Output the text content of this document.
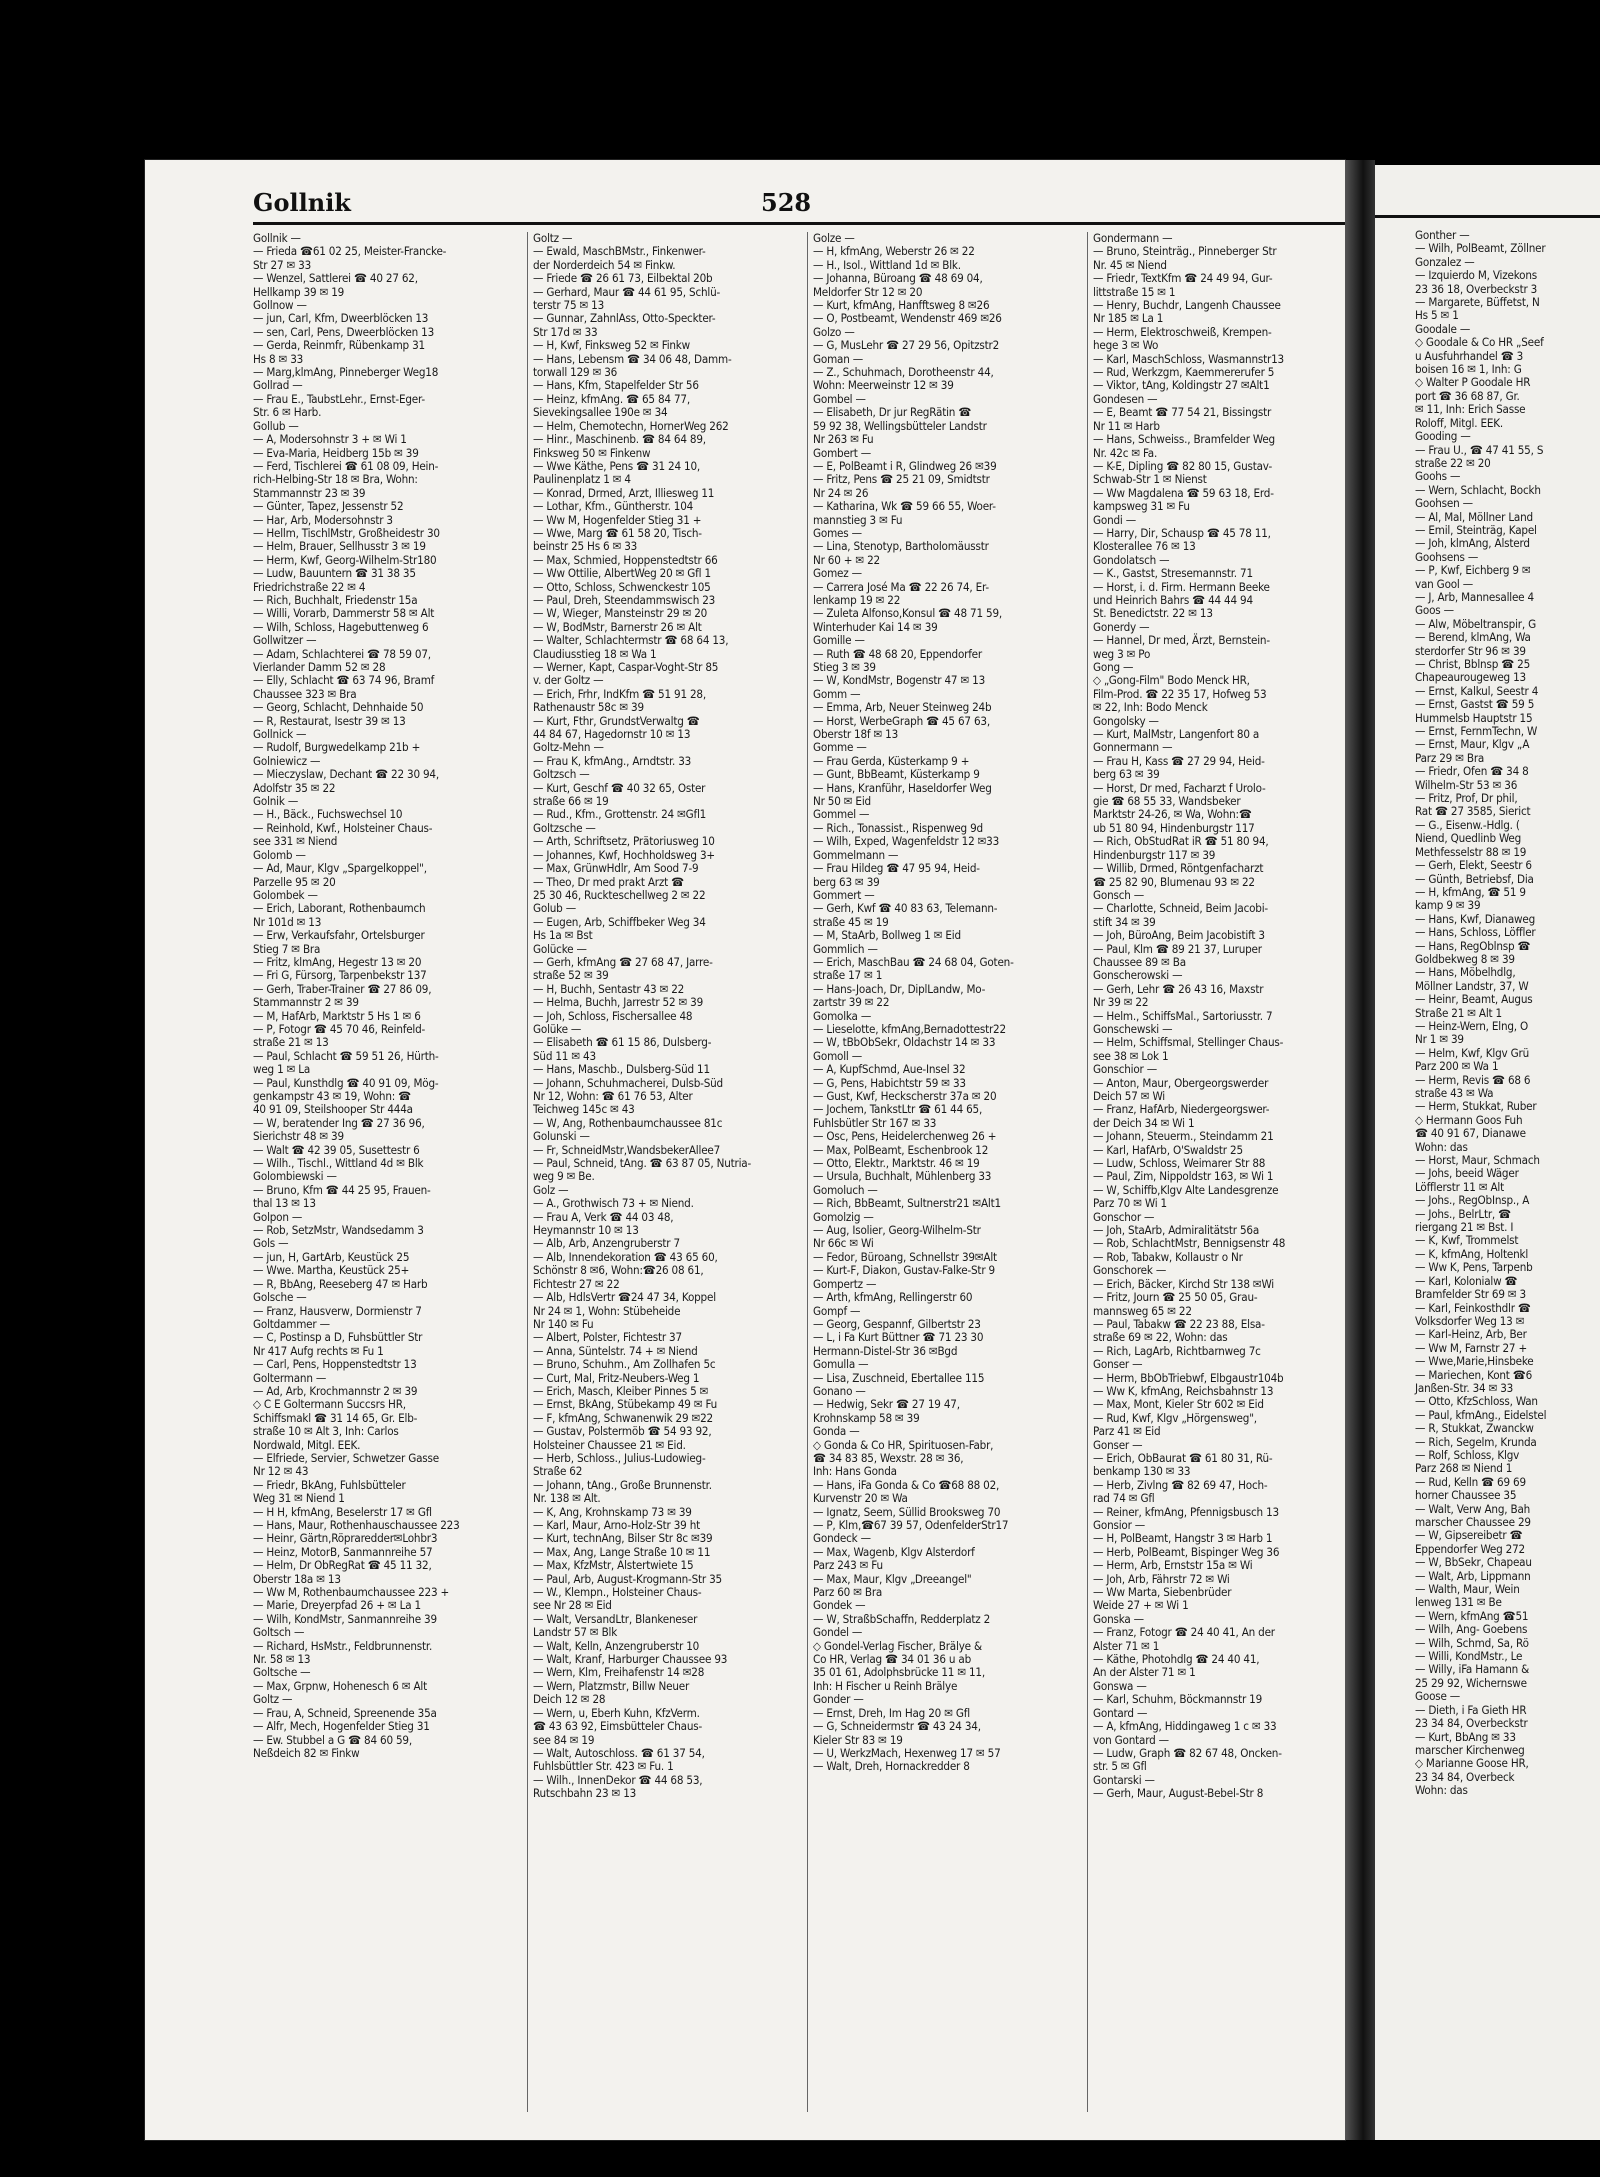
Gollnik	528
Gollnik —
— Frieda ☎61 02 25, Meister-Francke-
Str 27 ✉ 33
— Wenzel, Sattlerei ☎ 40 27 62,
Hellkamp 39 ✉ 19
Gollnow —
— jun, Carl, Kfm, Dweerblöcken 13
— sen, Carl, Pens, Dweerblöcken 13
— Gerda, Reinmfr, Rübenkamp 31
Hs 8 ✉ 33
— Marg,klmAng, Pinneberger Weg18
Gollrad —
— Frau E., TaubstLehr., Ernst-Eger-
Str. 6 ✉ Harb.
Gollub —
— A, Modersohnstr 3 + ✉ Wi 1
— Eva-Maria, Heidberg 15b ✉ 39
— Ferd, Tischlerei ☎ 61 08 09, Hein-
rich-Helbing-Str 18 ✉ Bra, Wohn:
Stammannstr 23 ✉ 39
— Günter, Tapez, Jessenstr 52
— Har, Arb, Modersohnstr 3
— Hellm, TischlMstr, Großheidestr 30
— Helm, Brauer, Sellhusstr 3 ✉ 19
— Herm, Kwf, Georg-Wilhelm-Str180
— Ludw, Bauuntern ☎ 31 38 35
Friedrichstraße 22 ✉ 4
— Rich, Buchhalt, Friedenstr 15a
— Willi, Vorarb, Dammerstr 58 ✉ Alt
— Wilh, Schloss, Hagebuttenweg 6
Gollwitzer —
— Adam, Schlachterei ☎ 78 59 07,
Vierlander Damm 52 ✉ 28
— Elly, Schlacht ☎ 63 74 96, Bramf
Chaussee 323 ✉ Bra
— Georg, Schlacht, Dehnhaide 50
— R, Restaurat, Isestr 39 ✉ 13
Gollnick —
— Rudolf, Burgwedelkamp 21b +
Golniewicz —
— Mieczyslaw, Dechant ☎ 22 30 94,
Adolfstr 35 ✉ 22
Golnik —
— H., Bäck., Fuchswechsel 10
— Reinhold, Kwf., Holsteiner Chaus-
see 331 ✉ Niend
Golomb —
— Ad, Maur, Klgv „Spargelkoppel",
Parzelle 95 ✉ 20
Golombek —
— Erich, Laborant, Rothenbaumch
Nr 101d ✉ 13
— Erw, Verkaufsfahr, Ortelsburger
Stieg 7 ✉ Bra
— Fritz, klmAng, Hegestr 13 ✉ 20
— Fri G, Fürsorg, Tarpenbekstr 137
— Gerh, Traber-Trainer ☎ 27 86 09,
Stammannstr 2 ✉ 39
— M, HafArb, Marktstr 5 Hs 1 ✉ 6
— P, Fotogr ☎ 45 70 46, Reinfeld-
straße 21 ✉ 13
— Paul, Schlacht ☎ 59 51 26, Hürth-
weg 1 ✉ La
— Paul, Kunsthdlg ☎ 40 91 09, Mög-
genkampstr 43 ✉ 19, Wohn: ☎
40 91 09, Steilshooper Str 444a
— W, beratender Ing ☎ 27 36 96,
Sierichstr 48 ✉ 39
— Walt ☎ 42 39 05, Susettestr 6
— Wilh., Tischl., Wittland 4d ✉ Blk
Golombiewski —
— Bruno, Kfm ☎ 44 25 95, Frauen-
thal 13 ✉ 13
Golpon —
— Rob, SetzMstr, Wandsedamm 3
Gols —
— jun, H, GartArb, Keustück 25
— Wwe. Martha, Keustück 25+
— R, BbAng, Reeseberg 47 ✉ Harb
Golsche —
— Franz, Hausverw, Dormienstr 7
Goltdammer —
— C, Postinsp a D, Fuhsbüttler Str
Nr 417 Aufg rechts ✉ Fu 1
— Carl, Pens, Hoppenstedtstr 13
Goltermann —
— Ad, Arb, Krochmannstr 2 ✉ 39
◇ C E Goltermann Succsrs HR,
Schiffsmakl ☎ 31 14 65, Gr. Elb-
straße 10 ✉ Alt 3, Inh: Carlos
Nordwald, Mitgl. EEK.
— Elfriede, Servier, Schwetzer Gasse
Nr 12 ✉ 43
— Friedr, BkAng, Fuhlsbütteler
Weg 31 ✉ Niend 1
— H H, kfmAng, Beselerstr 17 ✉ Gfl
— Hans, Maur, Rothenhauschaussee 223
— Heinr, Gärtn,Röpraredder✉Lohbr3
— Heinz, MotorB, Sanmannreihe 57
— Helm, Dr ObRegRat ☎ 45 11 32,
Oberstr 18a ✉ 13
— Ww M, Rothenbaumchaussee 223 +
— Marie, Dreyerpfad 26 + ✉ La 1
— Wilh, KondMstr, Sanmannreihe 39
Goltsch —
— Richard, HsMstr., Feldbrunnenstr.
Nr. 58 ✉ 13
Goltsche —
— Max, Grpnw, Hohenesch 6 ✉ Alt
Goltz —
— Frau, A, Schneid, Spreenende 35a
— Alfr, Mech, Hogenfelder Stieg 31
— Ew. Stubbel a G ☎ 84 60 59,
Neßdeich 82 ✉ Finkw
Goltz —
— Ewald, MaschBMstr., Finkenwer-
der Norderdeich 54 ✉ Finkw.
— Friede ☎ 26 61 73, Eilbektal 20b
— Gerhard, Maur ☎ 44 61 95, Schlü-
terstr 75 ✉ 13
— Gunnar, ZahnlAss, Otto-Speckter-
Str 17d ✉ 33
— H, Kwf, Finksweg 52 ✉ Finkw
— Hans, Lebensm ☎ 34 06 48, Damm-
torwall 129 ✉ 36
— Hans, Kfm, Stapelfelder Str 56
— Heinz, kfmAng. ☎ 65 84 77,
Sievekingsallee 190e ✉ 34
— Helm, Chemotechn, HornerWeg 262
— Hinr., Maschinenb. ☎ 84 64 89,
Finksweg 50 ✉ Finkenw
— Wwe Käthe, Pens ☎ 31 24 10,
Paulinenplatz 1 ✉ 4
— Konrad, Drmed, Arzt, Illiesweg 11
— Lothar, Kfm., Güntherstr. 104
— Ww M, Hogenfelder Stieg 31 +
— Wwe, Marg ☎ 61 58 20, Tisch-
beinstr 25 Hs 6 ✉ 33
— Max, Schmied, Hoppenstedtstr 66
— Ww Ottilie, AlbertWeg 20 ✉ Gfl 1
— Otto, Schloss, Schwenckestr 105
— Paul, Dreh, Steendammswisch 23
— W, Wieger, Mansteinstr 29 ✉ 20
— W, BodMstr, Barnerstr 26 ✉ Alt
— Walter, Schlachtermstr ☎ 68 64 13,
Claudiusstieg 18 ✉ Wa 1
— Werner, Kapt, Caspar-Voght-Str 85
v. der Goltz —
— Erich, Frhr, IndKfm ☎ 51 91 28,
Rathenaustr 58c ✉ 39
— Kurt, Fthr, GrundstVerwaltg ☎
44 84 67, Hagedornstr 10 ✉ 13
Goltz-Mehn —
— Frau K, kfmAng., Arndtstr. 33
Goltzsch —
— Kurt, Geschf ☎ 40 32 65, Oster
straße 66 ✉ 19
— Rud., Kfm., Grottenstr. 24 ✉Gfl1
Goltzsche —
— Arth, Schriftsetz, Prätoriusweg 10
— Johannes, Kwf, Hochholdsweg 3+
— Max, GrünwHdlr, Am Sood 7-9
— Theo, Dr med prakt Arzt ☎
25 30 46, Ruckteschellweg 2 ✉ 22
Golub —
— Eugen, Arb, Schiffbeker Weg 34
Hs 1a ✉ Bst
Golücke —
— Gerh, kfmAng ☎ 27 68 47, Jarre-
straße 52 ✉ 39
— H, Buchh, Sentastr 43 ✉ 22
— Helma, Buchh, Jarrestr 52 ✉ 39
— Joh, Schloss, Fischersallee 48
Golüke —
— Elisabeth ☎ 61 15 86, Dulsberg-
Süd 11 ✉ 43
— Hans, Maschb., Dulsberg-Süd 11
— Johann, Schuhmacherei, Dulsb-Süd
Nr 12, Wohn: ☎ 61 76 53, Alter
Teichweg 145c ✉ 43
— W, Ang, Rothenbaumchaussee 81c
Golunski —
— Fr, SchneidMstr,WandsbekerAllee7
— Paul, Schneid, tAng. ☎ 63 87 05, Nutria-
weg 9 ✉ Be.
Golz —
— A., Grothwisch 73 + ✉ Niend.
— Frau A, Verk ☎ 44 03 48,
Heymannstr 10 ✉ 13
— Alb, Arb, Anzengruberstr 7
— Alb, Innendekoration ☎ 43 65 60,
Schönstr 8 ✉6, Wohn:☎26 08 61,
Fichtestr 27 ✉ 22
— Alb, HdlsVertr ☎24 47 34, Koppel
Nr 24 ✉ 1, Wohn: Stübeheide
Nr 140 ✉ Fu
— Albert, Polster, Fichtestr 37
— Anna, Süntelstr. 74 + ✉ Niend
— Bruno, Schuhm., Am Zollhafen 5c
— Curt, Mal, Fritz-Neubers-Weg 1
— Erich, Masch, Kleiber Pinnes 5 ✉
— Ernst, BkAng, Stübekamp 49 ✉ Fu
— F, kfmAng, Schwanenwik 29 ✉22
— Gustav, Polstermöb ☎ 54 93 92,
Holsteiner Chaussee 21 ✉ Eid.
— Herb, Schloss., Julius-Ludowieg-
Straße 62
— Johann, tAng., Große Brunnenstr.
Nr. 138 ✉ Alt.
— K, Ang, Krohnskamp 73 ✉ 39
— Karl, Maur, Arno-Holz-Str 39 ht
— Kurt, technAng, Bilser Str 8c ✉39
— Max, Ang, Lange Straße 10 ✉ 11
— Max, KfzMstr, Alstertwiete 15
— Paul, Arb, August-Krogmann-Str 35
— W., Klempn., Holsteiner Chaus-
see Nr 28 ✉ Eid
— Walt, VersandLtr, Blankeneser
Landstr 57 ✉ Blk
— Walt, Kelln, Anzengruberstr 10
— Walt, Kranf, Harburger Chaussee 93
— Wern, Klm, Freihafenstr 14 ✉28
— Wern, Platzmstr, Billw Neuer
Deich 12 ✉ 28
— Wern, u, Eberh Kuhn, KfzVerm.
☎ 43 63 92, Eimsbütteler Chaus-
see 84 ✉ 19
— Walt, Autoschloss. ☎ 61 37 54,
Fuhlsbüttler Str. 423 ✉ Fu. 1
— Wilh., InnenDekor ☎ 44 68 53,
Rutschbahn 23 ✉ 13
Golze —
— H, kfmAng, Weberstr 26 ✉ 22
— H., Isol., Wittland 1d ✉ Blk.
— Johanna, Büroang ☎ 48 69 04,
Meldorfer Str 12 ✉ 20
— Kurt, kfmAng, Hanfftsweg 8 ✉26
— O, Postbeamt, Wendenstr 469 ✉26
Golzo —
— G, MusLehr ☎ 27 29 56, Opitzstr2
Goman —
— Z., Schuhmach, Dorotheenstr 44,
Wohn: Meerweinstr 12 ✉ 39
Gombel —
— Elisabeth, Dr jur RegRätin ☎
59 92 38, Wellingsbütteler Landstr
Nr 263 ✉ Fu
Gombert —
— E, PolBeamt i R, Glindweg 26 ✉39
— Fritz, Pens ☎ 25 21 09, Smidtstr
Nr 24 ✉ 26
— Katharina, Wk ☎ 59 66 55, Woer-
mannstieg 3 ✉ Fu
Gomes —
— Lina, Stenotyp, Bartholomäusstr
Nr 60 + ✉ 22
Gomez —
— Carrera José Ma ☎ 22 26 74, Er-
lenkamp 19 ✉ 22
— Zuleta Alfonso,Konsul ☎ 48 71 59,
Winterhuder Kai 14 ✉ 39
Gomille —
— Ruth ☎ 48 68 20, Eppendorfer
Stieg 3 ✉ 39
— W, KondMstr, Bogenstr 47 ✉ 13
Gomm —
— Emma, Arb, Neuer Steinweg 24b
— Horst, WerbeGraph ☎ 45 67 63,
Oberstr 18f ✉ 13
Gomme —
— Frau Gerda, Küsterkamp 9 +
— Gunt, BbBeamt, Küsterkamp 9
— Hans, Kranführ, Haseldorfer Weg
Nr 50 ✉ Eid
Gommel —
— Rich., Tonassist., Rispenweg 9d
— Wilh, Exped, Wagenfeldstr 12 ✉33
Gommelmann —
— Frau Hildeg ☎ 47 95 94, Heid-
berg 63 ✉ 39
Gommert —
— Gerh, Kwf ☎ 40 83 63, Telemann-
straße 45 ✉ 19
— M, StaArb, Bollweg 1 ✉ Eid
Gommlich —
— Erich, MaschBau ☎ 24 68 04, Goten-
straße 17 ✉ 1
— Hans-Joach, Dr, DiplLandw, Mo-
zartstr 39 ✉ 22
Gomolka —
— Lieselotte, kfmAng,Bernadottestr22
— W, tBbObSekr, Oldachstr 14 ✉ 33
Gomoll —
— A, KupfSchmd, Aue-Insel 32
— G, Pens, Habichtstr 59 ✉ 33
— Gust, Kwf, Heckscherstr 37a ✉ 20
— Jochem, TankstLtr ☎ 61 44 65,
Fuhlsbütler Str 167 ✉ 33
— Osc, Pens, Heidelerchenweg 26 +
— Max, PolBeamt, Eschenbrook 12
— Otto, Elektr., Marktstr. 46 ✉ 19
— Ursula, Buchhalt, Mühlenberg 33
Gomoluch —
— Rich, BbBeamt, Sultnerstr21 ✉Alt1
Gomolzig —
— Aug, Isolier, Georg-Wilhelm-Str
Nr 66c ✉ Wi
— Fedor, Büroang, Schnellstr 39✉Alt
— Kurt-F, Diakon, Gustav-Falke-Str 9
Gompertz —
— Arth, kfmAng, Rellingerstr 60
Gompf —
— Georg, Gespannf, Gilbertstr 23
— L, i Fa Kurt Büttner ☎ 71 23 30
Hermann-Distel-Str 36 ✉Bgd
Gomulla —
— Lisa, Zuschneid, Ebertallee 115
Gonano —
— Hedwig, Sekr ☎ 27 19 47,
Krohnskamp 58 ✉ 39
Gonda —
◇ Gonda & Co HR, Spirituosen-Fabr,
☎ 34 83 85, Wexstr. 28 ✉ 36,
Inh: Hans Gonda
— Hans, iFa Gonda & Co ☎68 88 02,
Kurvenstr 20 ✉ Wa
— Ignatz, Seem, Süllid Brooksweg 70
— P, Klm,☎67 39 57, OdenfelderStr17
Gondeck —
— Max, Wagenb, Klgv Alsterdorf
Parz 243 ✉ Fu
— Max, Maur, Klgv „Dreeangel"
Parz 60 ✉ Bra
Gondek —
— W, StraßbSchaffn, Redderplatz 2
Gondel —
◇ Gondel-Verlag Fischer, Brälye &
Co HR, Verlag ☎ 34 01 36 u ab
35 01 61, Adolphsbrücke 11 ✉ 11,
Inh: H Fischer u Reinh Brälye
Gonder —
— Ernst, Dreh, Im Hag 20 ✉ Gfl
— G, Schneidermstr ☎ 43 24 34,
Kieler Str 83 ✉ 19
— U, WerkzMach, Hexenweg 17 ✉ 57
— Walt, Dreh, Hornackredder 8
Gondermann —
— Bruno, Steinträg., Pinneberger Str
Nr. 45 ✉ Niend
— Friedr, TextKfm ☎ 24 49 94, Gur-
littstraße 15 ✉ 1
— Henry, Buchdr, Langenh Chaussee
Nr 185 ✉ La 1
— Herm, Elektroschweiß, Krempen-
hege 3 ✉ Wo
— Karl, MaschSchloss, Wasmannstr13
— Rud, Werkzgm, Kaemmererufer 5
— Viktor, tAng, Koldingstr 27 ✉Alt1
Gondesen —
— E, Beamt ☎ 77 54 21, Bissingstr
Nr 11 ✉ Harb
— Hans, Schweiss., Bramfelder Weg
Nr. 42c ✉ Fa.
— K-E, Dipling ☎ 82 80 15, Gustav-
Schwab-Str 1 ✉ Nienst
— Ww Magdalena ☎ 59 63 18, Erd-
kampsweg 31 ✉ Fu
Gondi —
— Harry, Dir, Schausp ☎ 45 78 11,
Klosterallee 76 ✉ 13
Gondolatsch —
— K., Gastst, Stresemannstr. 71
— Horst, i. d. Firm. Hermann Beeke
und Heinrich Bahrs ☎ 44 44 94
St. Benedictstr. 22 ✉ 13
Gonerdy —
— Hannel, Dr med, Ärzt, Bernstein-
weg 3 ✉ Po
Gong —
◇ „Gong-Film" Bodo Menck HR,
Film-Prod. ☎ 22 35 17, Hofweg 53
✉ 22, Inh: Bodo Menck
Gongolsky —
— Kurt, MalMstr, Langenfort 80 a
Gonnermann —
— Frau H, Kass ☎ 27 29 94, Heid-
berg 63 ✉ 39
— Horst, Dr med, Facharzt f Urolo-
gie ☎ 68 55 33, Wandsbeker
Marktstr 24-26, ✉ Wa, Wohn:☎
ub 51 80 94, Hindenburgstr 117
— Rich, ObStudRat iR ☎ 51 80 94,
Hindenburgstr 117 ✉ 39
— Willib, Drmed, Röntgenfacharzt
☎ 25 82 90, Blumenau 93 ✉ 22
Gonsch —
— Charlotte, Schneid, Beim Jacobi-
stift 34 ✉ 39
— Joh, BüroAng, Beim Jacobistift 3
— Paul, Klm ☎ 89 21 37, Luruper
Chaussee 89 ✉ Ba
Gonscherowski —
— Gerh, Lehr ☎ 26 43 16, Maxstr
Nr 39 ✉ 22
— Helm., SchiffsMal., Sartoriusstr. 7
Gonschewski —
— Helm, Schiffsmal, Stellinger Chaus-
see 38 ✉ Lok 1
Gonschior —
— Anton, Maur, Obergeorgswerder
Deich 57 ✉ Wi
— Franz, HafArb, Niedergeorgswer-
der Deich 34 ✉ Wi 1
— Johann, Steuerm., Steindamm 21
— Karl, HafArb, O'Swaldstr 25
— Ludw, Schloss, Weimarer Str 88
— Paul, Zim, Nippoldstr 163, ✉ Wi 1
— W, Schiffb,Klgv Alte Landesgrenze
Parz 70 ✉ Wi 1
Gonschor —
— Joh, StaArb, Admiralitätstr 56a
— Rob, SchlachtMstr, Bennigsenstr 48
— Rob, Tabakw, Kollaustr o Nr
Gonschorek —
— Erich, Bäcker, Kirchd Str 138 ✉Wi
— Fritz, Journ ☎ 25 50 05, Grau-
mannsweg 65 ✉ 22
— Paul, Tabakw ☎ 22 23 88, Elsa-
straße 69 ✉ 22, Wohn: das
— Rich, LagArb, Richtbarnweg 7c
Gonser —
— Herm, BbObTriebwf, Elbgaustr104b
— Ww K, kfmAng, Reichsbahnstr 13
— Max, Mont, Kieler Str 602 ✉ Eid
— Rud, Kwf, Klgv „Hörgensweg",
Parz 41 ✉ Eid
Gonser —
— Erich, ObBaurat ☎ 61 80 31, Rü-
benkamp 130 ✉ 33
— Herb, Zivlng ☎ 82 69 47, Hoch-
rad 74 ✉ Gfl
— Reiner, kfmAng, Pfennigsbusch 13
Gonsior —
— H, PolBeamt, Hangstr 3 ✉ Harb 1
— Herb, PolBeamt, Bispinger Weg 36
— Herm, Arb, Ernststr 15a ✉ Wi
— Joh, Arb, Fährstr 72 ✉ Wi
— Ww Marta, Siebenbrüder
Weide 27 + ✉ Wi 1
Gonska —
— Franz, Fotogr ☎ 24 40 41, An der
Alster 71 ✉ 1
— Käthe, Photohdlg ☎ 24 40 41,
An der Alster 71 ✉ 1
Gonswa —
— Karl, Schuhm, Böckmannstr 19
Gontard —
— A, kfmAng, Hiddingaweg 1 c ✉ 33
von Gontard —
— Ludw, Graph ☎ 82 67 48, Oncken-
str. 5 ✉ Gfl
Gontarski —
— Gerh, Maur, August-Bebel-Str 8
Gonther —
— Wilh, PolBeamt, Zöllner
Gonzalez —
— Izquierdo M, Vizekons
23 36 18, Overbeckstr 3
— Margarete, Büffetst, N
Hs 5 ✉ 1
Goodale —
◇ Goodale & Co HR „Seef
u Ausfuhrhandel ☎ 3
boisen 16 ✉ 1, Inh: G
◇ Walter P Goodale HR
port ☎ 36 68 87, Gr.
✉ 11, Inh: Erich Sasse
Roloff, Mitgl. EEK.
Gooding —
— Frau U., ☎ 47 41 55, S
straße 22 ✉ 20
Goohs —
— Wern, Schlacht, Bockh
Goohsen —
— Al, Mal, Möllner Land
— Emil, Steinträg, Kapel
— Joh, klmAng, Alsterd
Goohsens —
— P, Kwf, Eichberg 9 ✉
van Gool —
— J, Arb, Mannesallee 4
Goos —
— Alw, Möbeltranspir, G
— Berend, klmAng, Wa
sterdorfer Str 96 ✉ 39
— Christ, Bblnsp ☎ 25
Chapeaurougeweg 13
— Ernst, Kalkul, Seestr 4
— Ernst, Gastst ☎ 59 5
Hummelsb Hauptstr 15
— Ernst, FernmTechn, W
— Ernst, Maur, Klgv „A
Parz 29 ✉ Bra
— Friedr, Ofen ☎ 34 8
Wilhelm-Str 53 ✉ 36
— Fritz, Prof, Dr phil,
Rat ☎ 27 3585, Sierict
— G., Eisenw.-Hdlg. (
Niend, Quedlinb Weg
Methfesselstr 88 ✉ 19
— Gerh, Elekt, Seestr 6
— Günth, Betriebsf, Dia
— H, kfmAng, ☎ 51 9
kamp 9 ✉ 39
— Hans, Kwf, Dianaweg
— Hans, Schloss, Löffler
— Hans, RegOblnsp ☎
Goldbekweg 8 ✉ 39
— Hans, Möbelhdlg,
Möllner Landstr, 37, W
— Heinr, Beamt, Augus
Straße 21 ✉ Alt 1
— Heinz-Wern, Elng, O
Nr 1 ✉ 39
— Helm, Kwf, Klgv Grü
Parz 200 ✉ Wa 1
— Herm, Revis ☎ 68 6
straße 43 ✉ Wa
— Herm, Stukkat, Ruber
◇ Hermann Goos Fuh
☎ 40 91 67, Dianawe
Wohn: das
— Horst, Maur, Schmach
— Johs, beeid Wäger
Löfflerstr 11 ✉ Alt
— Johs., RegObInsp., A
— Johs., BelrLtr, ☎
riergang 21 ✉ Bst. I
— K, Kwf, Trommelst
— K, kfmAng, Holtenkl
— Ww K, Pens, Tarpenb
— Karl, Kolonialw ☎
Bramfelder Str 69 ✉ 3
— Karl, Feinkosthdlr ☎
Volksdorfer Weg 13 ✉
— Karl-Heinz, Arb, Ber
— Ww M, Farnstr 27 +
— Wwe,Marie,Hinsbeke
— Mariechen, Kont ☎6
Janßen-Str. 34 ✉ 33
— Otto, KfzSchloss, Wan
— Paul, kfmAng., Eidelstel
— R, Stukkat, Zwanckw
— Rich, Segelm, Krunda
— Rolf, Schloss, Klgv
Parz 268 ✉ Niend 1
— Rud, Kelln ☎ 69 69
horner Chaussee 35
— Walt, Verw Ang, Bah
marscher Chaussee 29
— W, Gipsereibetr ☎
Eppendorfer Weg 272
— W, BbSekr, Chapeau
— Walt, Arb, Lippmann
— Walth, Maur, Wein
lenweg 131 ✉ Be
— Wern, kfmAng ☎51
— Wilh, Ang- Goebens
— Wilh, Schmd, Sa, Rö
— Willi, KondMstr., Le
— Willy, iFa Hamann &
25 29 92, Wichernswe
Goose —
— Dieth, i Fa Gieth HR
23 34 84, Overbeckstr
— Kurt, BbAng ✉ 33
marscher Kirchenweg
◇ Marianne Goose HR,
23 34 84, Overbeck
Wohn: das
